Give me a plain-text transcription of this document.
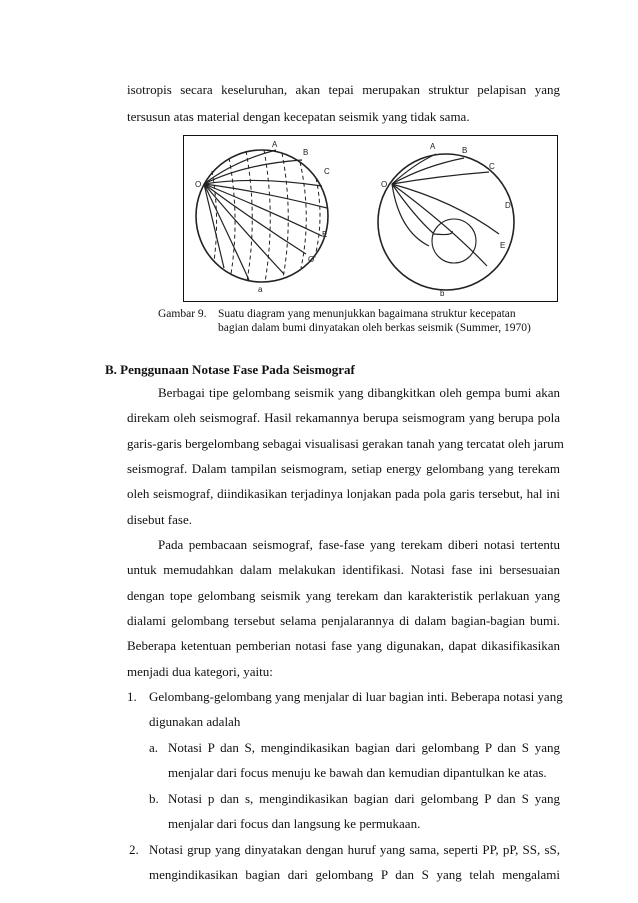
isotropis secara keseluruhan, akan tepai merupakan struktur pelapisan yang
tersusun atas material dengan kecepatan seismik yang tidak sama.
O
A
B
C
E
O'
a
O
A	B
C
D
E
b
Gambar 9. Suatu diagram yang menunjukkan bagaimana struktur kecepatan
bagian dalam bumi dinyatakan oleh berkas seismik (Summer, 1970)
B. Penggunaan Notase Fase Pada Seismograf
Berbagai tipe gelombang seismik yang dibangkitkan oleh gempa bumi akan
direkam oleh seismograf. Hasil rekamannya berupa seismogram yang berupa pola
garis-garis bergelombang sebagai visualisasi gerakan tanah yang tercatat oleh jarum
seismograf. Dalam tampilan seismogram, setiap energy gelombang yang terekam
oleh seismograf, diindikasikan terjadinya lonjakan pada pola garis tersebut, hal ini
disebut fase.
Pada pembacaan seismograf, fase-fase yang terekam diberi notasi tertentu
untuk memudahkan dalam melakukan identifikasi. Notasi fase ini bersesuaian
dengan tope gelombang seismik yang terekam dan karakteristik perlakuan yang
dialami gelombang tersebut selama penjalarannya di dalam bagian-bagian bumi.
Beberapa ketentuan pemberian notasi fase yang digunakan, dapat dikasifikasikan
menjadi dua kategori, yaitu:
1. Gelombang-gelombang yang menjalar di luar bagian inti. Beberapa notasi yang
digunakan adalah
a. Notasi P dan S, mengindikasikan bagian dari gelombang P dan S yang
menjalar dari focus menuju ke bawah dan kemudian dipantulkan ke atas.
b. Notasi p dan s, mengindikasikan bagian dari gelombang P dan S yang
menjalar dari focus dan langsung ke permukaan.
2. Notasi grup yang dinyatakan dengan huruf yang sama, seperti PP, pP, SS, sS,
mengindikasikan bagian dari gelombang P dan S yang telah mengalami
